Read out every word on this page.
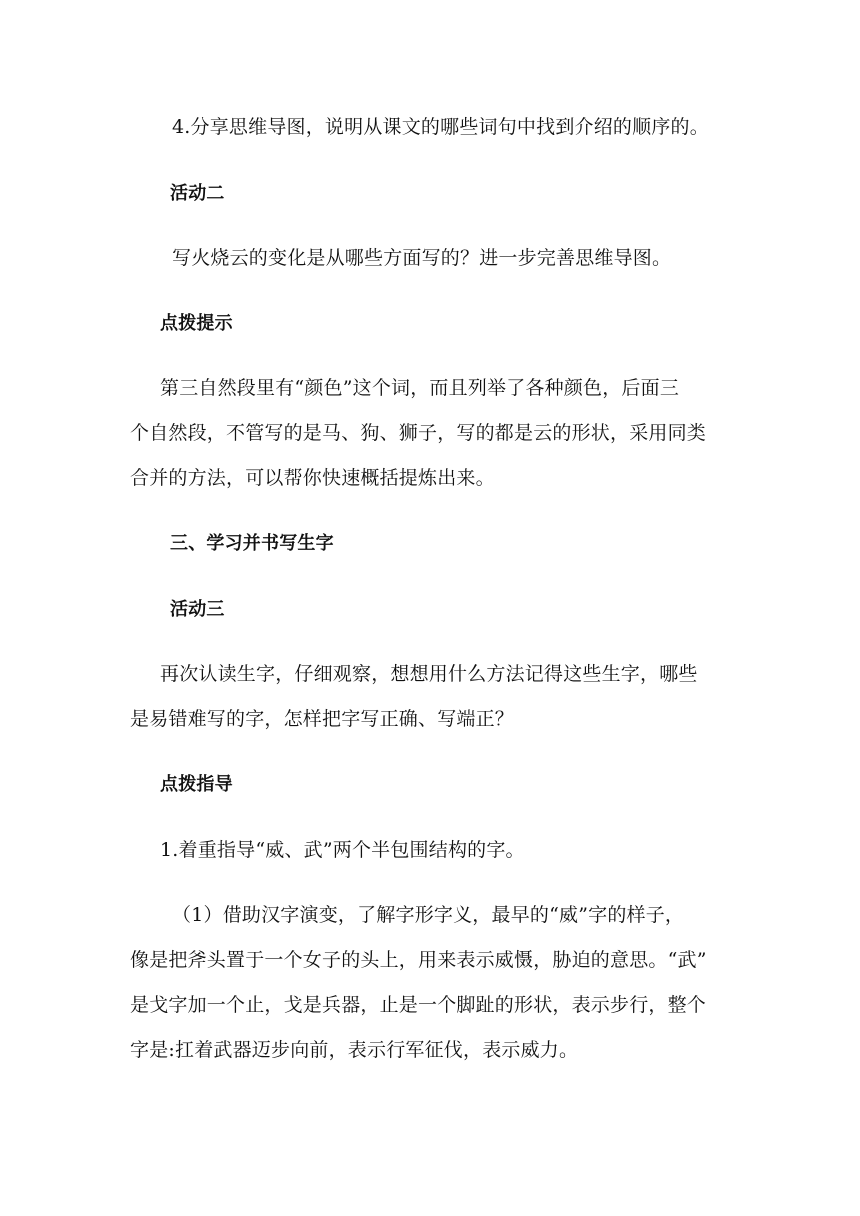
4.分享思维导图，说明从课文的哪些词句中找到介绍的顺序的。
活动二
写火烧云的变化是从哪些方面写的？进一步完善思维导图。
点拨提示
第三自然段里有“颜色”这个词，而且列举了各种颜色，后面三
个自然段，不管写的是马、狗、狮子，写的都是云的形状，采用同类
合并的方法，可以帮你快速概括提炼出来。
三、学习并书写生字
活动三
再次认读生字，仔细观察，想想用什么方法记得这些生字，哪些
是易错难写的字，怎样把字写正确、写端正？
点拨指导
1.着重指导“威、武”两个半包围结构的字。
（1）借助汉字演变，了解字形字义，最早的“威”字的样子，
像是把斧头置于一个女子的头上，用来表示威慑，胁迫的意思。“武”
是戈字加一个止，戈是兵器，止是一个脚趾的形状，表示步行，整个
字是:扛着武器迈步向前，表示行军征伐，表示威力。
